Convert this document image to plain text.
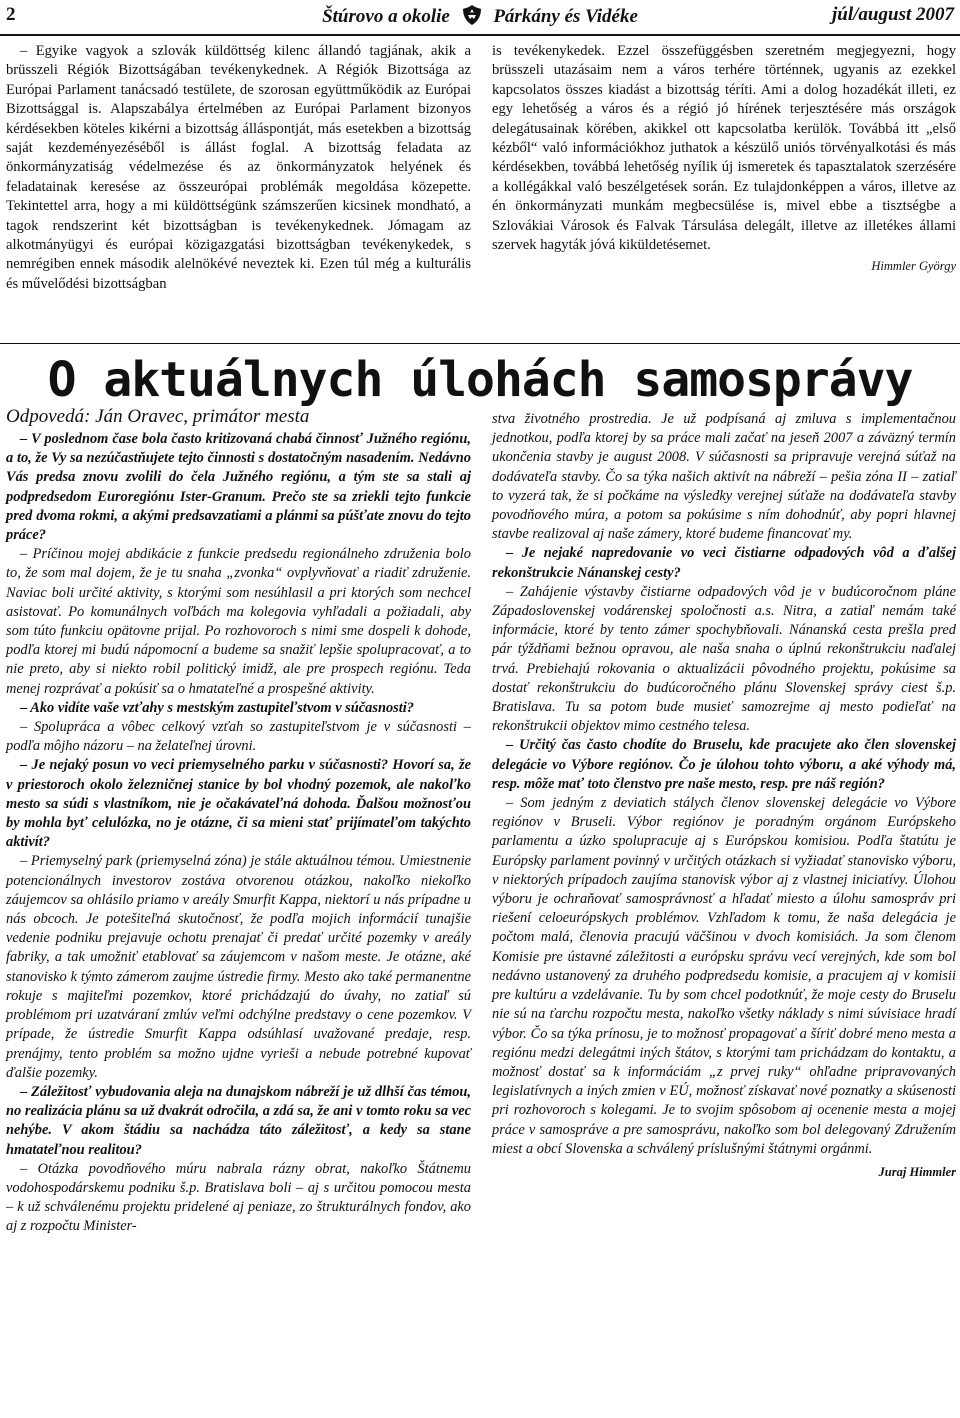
2	Štúrovo a okolie Párkány és Vidéke	júl/august 2007

– Egyike vagyok a szlovák küldöttség kilenc állandó tagjának, akik a brüsszeli Régiók Bizottságában tevékenykednek. A Régiók Bizottsága az Európai Parlament tanácsadó testülete, de szorosan együttműködik az Európai Bizottsággal is. Alapszabálya értelmében az Európai Parlament bizonyos kérdésekben köteles kikérni a bizottság álláspontját, más esetekben a bizottság saját kezdeményezéséből is állást foglal. A bizottság feladata az önkormányzatiság védelmezése és az önkormányzatok helyének és feladatainak keresése az összeurópai problémák megoldása közepette. Tekintettel arra, hogy a mi küldöttségünk számszerűen kicsinek mondható, a tagok rendszerint két bizottságban is tevékenykednek. Jómagam az alkotmányügyi és európai közigazgatási bizottságban tevékenykedek, s nemrégiben ennek második alelnökévé neveztek ki. Ezen túl még a kulturális és művelődési bizottságban

is tevékenykedek. Ezzel összefüggésben szeretném megjegyezni, hogy brüsszeli utazásaim nem a város terhére történnek, ugyanis az ezekkel kapcsolatos összes kiadást a bizottság téríti. Ami a dolog hozadékát illeti, ez egy lehetőség a város és a régió jó hírének terjesztésére más országok delegátusainak körében, akikkel ott kapcsolatba kerülök. Továbbá itt „első kézből“ való információkhoz juthatok a készülő uniós törvényalkotási és más kérdésekben, továbbá lehetőség nyílik új ismeretek és tapasztalatok szerzésére a kollégákkal való beszélgetések során. Ez tulajdonképpen a város, illetve az én önkormányzati munkám megbecsülése is, mivel ebbe a tisztségbe a Szlovákiai Városok és Falvak Társulása delegált, illetve az illetékes állami szervek hagyták jóvá kiküldetésemet.

Himmler György

O aktuálnych úlohách samosprávy

Odpovedá: Ján Oravec, primátor mesta

– V poslednom čase bola často kritizovaná chabá činnosť Južného regiónu, a to, že Vy sa nezúčastňujete tejto činnosti s dostatočným nasadením. Nedávno Vás predsa znovu zvolili do čela Južného regiónu, a tým ste sa stali aj podpredsedom Euroregiónu Ister-Granum. Prečo ste sa zriekli tejto funkcie pred dvoma rokmi, a akými predsavzatiami a plánmi sa púšťate znovu do tejto práce?

– Príčinou mojej abdikácie z funkcie predsedu regionálneho združenia bolo to, že som mal dojem, že je tu snaha „zvonka“ ovplyvňovať a riadiť združenie. Naviac boli určité aktivity, s ktorými som nesúhlasil a pri ktorých som nechcel asistovať. Po komunálnych voľbách ma kolegovia vyhľadali a požiadali, aby som túto funkciu opätovne prijal. Po rozhovoroch s nimi sme dospeli k dohode, podľa ktorej mi budú nápomocní a budeme sa snažiť lepšie spolupracovať, a to nie preto, aby si niekto robil politický imidž, ale pre prospech regiónu. Teda menej rozprávať a pokúsiť sa o hmatateľné a prospešné aktivity.

– Ako vidíte vaše vzťahy s mestským zastupiteľstvom v súčasnosti?

– Spolupráca a vôbec celkový vzťah so zastupiteľstvom je v súčasnosti – podľa môjho názoru – na želateľnej úrovni.

– Je nejaký posun vo veci priemyselného parku v súčasnosti? Hovorí sa, že v priestoroch okolo železničnej stanice by bol vhodný pozemok, ale nakoľko mesto sa súdi s vlastníkom, nie je očakávateľná dohoda. Ďalšou možnosťou by mohla byť celulózka, no je otázne, či sa mieni stať prijímateľom takýchto aktivít?

– Priemyselný park (priemyselná zóna) je stále aktuálnou témou. Umiestnenie potencionálnych investorov zostáva otvorenou otázkou, nakoľko niekoľko záujemcov sa ohlásilo priamo v areály Smurfit Kappa, niektorí u nás prípadne u nás obcoch. Je potešiteľná skutočnosť, že podľa mojich informácií tunajšie vedenie podniku prejavuje ochotu prenajať či predať určité pozemky v areály fabriky, a tak umožniť etablovať sa záujemcom v našom meste. Je otázne, aké stanovisko k týmto zámerom zaujme ústredie firmy. Mesto ako také permanentne rokuje s majiteľmi pozemkov, ktoré prichádzajú do úvahy, no zatiaľ sú problémom pri uzatváraní zmlúv veľmi odchýlne predstavy o cene pozemkov. V prípade, že ústredie Smurfit Kappa odsúhlasí uvažované predaje, resp. prenájmy, tento problém sa možno ujdne vyrieši a nebude potrebné kupovať ďalšie pozemky.

– Záležitosť vybudovania aleja na dunajskom nábreží je už dlhší čas témou, no realizácia plánu sa už dvakrát odročila, a zdá sa, že ani v tomto roku sa vec nehýbe. V akom štádiu sa nachádza táto záležitosť, a kedy sa stane hmatateľnou realitou?

– Otázka povodňového múru nabrala rázny obrat, nakoľko Štátnemu vodohospodárskemu podniku š.p. Bratislava boli – aj s určitou pomocou mesta – k už schválenému projektu pridelené aj peniaze, zo štrukturálnych fondov, ako aj z rozpočtu Minister-

stva životného prostredia. Je už podpísaná aj zmluva s implementačnou jednotkou, podľa ktorej by sa práce mali začať na jeseň 2007 a záväzný termín ukončenia stavby je august 2008. V súčasnosti sa pripravuje verejná súťaž na dodávateľa stavby. Čo sa týka našich aktivít na nábreží – pešia zóna II – zatiaľ to vyzerá tak, že si počkáme na výsledky verejnej súťaže na dodávateľa stavby povodňového múra, a potom sa pokúsime s ním dohodnúť, aby popri hlavnej stavbe realizoval aj naše zámery, ktoré budeme financovať my.

– Je nejaké napredovanie vo veci čistiarne odpadových vôd a ďalšej rekonštrukcie Nánanskej cesty?

– Zahájenie výstavby čistiarne odpadových vôd je v budúcoročnom pláne Západoslovenskej vodárenskej spoločnosti a.s. Nitra, a zatiaľ nemám také informácie, ktoré by tento zámer spochybňovali. Nánanská cesta prešla pred pár týždňami bežnou opravou, ale naša snaha o úplnú rekonštrukciu naďalej trvá. Prebiehajú rokovania o aktualizácii pôvodného projektu, pokúsime sa dostať rekonštrukciu do budúcoročného plánu Slovenskej správy ciest š.p. Bratislava. Tu sa potom bude musieť samozrejme aj mesto podieľať na rekonštrukcii objektov mimo cestného telesa.

– Určitý čas často chodíte do Bruselu, kde pracujete ako člen slovenskej delegácie vo Výbore regiónov. Čo je úlohou tohto výboru, a aké výhody má, resp. môže mať toto členstvo pre naše mesto, resp. pre náš región?

– Som jedným z deviatich stálych členov slovenskej delegácie vo Výbore regiónov v Bruseli. Výbor regiónov je poradným orgánom Európskeho parlamentu a úzko spolupracuje aj s Európskou komisiou. Podľa štatútu je Európsky parlament povinný v určitých otázkach si vyžiadať stanovisko výboru, v niektorých prípadoch zaujíma stanovisk výbor aj z vlastnej iniciatívy. Úlohou výboru je ochraňovať samosprávnosť a hľadať miesto a úlohu samospráv pri riešení celoeurópskych problémov. Vzhľadom k tomu, že naša delegácia je počtom malá, členovia pracujú väčšinou v dvoch komisiách. Ja som členom Komisie pre ústavné záležitosti a európsku správu vecí verejných, kde som bol nedávno ustanovený za druhého podpredsedu komisie, a pracujem aj v komisii pre kultúru a vzdelávanie. Tu by som chcel podotknúť, že moje cesty do Bruselu nie sú na ťarchu rozpočtu mesta, nakoľko všetky náklady s nimi súvisiace hradí výbor. Čo sa týka prínosu, je to možnosť propagovať a šíriť dobré meno mesta a regiónu medzi delegátmi iných štátov, s ktorými tam prichádzam do kontaktu, a možnosť dostať sa k informáciám „z prvej ruky“ ohľadne pripravovaných legislatívnych a iných zmien v EÚ, možnosť získavať nové poznatky a skúsenosti pri rozhovoroch s kolegami. Je to svojim spôsobom aj ocenenie mesta a mojej práce v samospráve a pre samosprávu, nakoľko som bol delegovaný Združením miest a obcí Slovenska a schválený príslušnými štátnymi orgánmi.

Juraj Himmler
